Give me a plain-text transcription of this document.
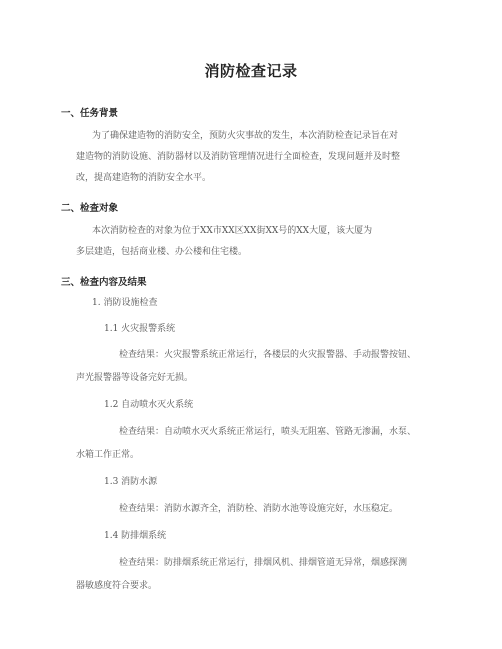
消防检查记录
一、任务背景
为了确保建造物的消防安全，预防火灾事故的发生，本次消防检查记录旨在对
建造物的消防设施、消防器材以及消防管理情况进行全面检查，发现问题并及时整
改，提高建造物的消防安全水平。
二、检查对象
本次消防检查的对象为位于XX市XX区XX街XX号的XX大厦，该大厦为
多层建造，包括商业楼、办公楼和住宅楼。
三、检查内容及结果
1. 消防设施检查
1.1 火灾报警系统
检查结果：火灾报警系统正常运行，各楼层的火灾报警器、手动报警按钮、
声光报警器等设备完好无损。
1.2 自动喷水灭火系统
检查结果：自动喷水灭火系统正常运行，喷头无阻塞、管路无渗漏，水泵、
水箱工作正常。
1.3 消防水源
检查结果：消防水源齐全，消防栓、消防水池等设施完好，水压稳定。
1.4 防排烟系统
检查结果：防排烟系统正常运行，排烟风机、排烟管道无异常，烟感探测
器敏感度符合要求。
